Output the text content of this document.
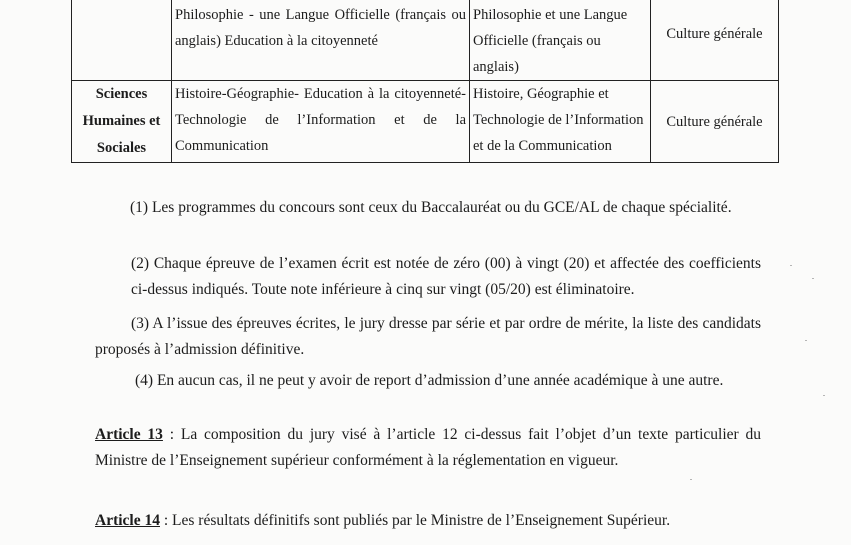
	Philosophie - une Langue Officielle (français ou anglais) Education à la citoyenneté	Philosophie et une Langue Officielle (français ou anglais)	Culture générale
Sciences
Humaines et
Sociales	Histoire-Géographie- Education à la citoyenneté-Technologie de l’Information et de la Communication	Histoire, Géographie et Technologie de l’Information et de la Communication	Culture générale

(1) Les programmes du concours sont ceux du Baccalauréat ou du GCE/AL de chaque spécialité.

(2) Chaque épreuve de l’examen écrit est notée de zéro (00) à vingt (20) et affectée des coefficients ci-dessus indiqués. Toute note inférieure à cinq sur vingt (05/20) est éliminatoire.

(3) A l’issue des épreuves écrites, le jury dresse par série et par ordre de mérite, la liste des candidats proposés à l’admission définitive.

(4) En aucun cas, il ne peut y avoir de report d’admission d’une année académique à une autre.

Article 13 : La composition du jury visé à l’article 12 ci-dessus fait l’objet d’un texte particulier du Ministre de l’Enseignement supérieur conformément à la réglementation en vigueur.

Article 14 : Les résultats définitifs sont publiés par le Ministre de l’Enseignement Supérieur.
